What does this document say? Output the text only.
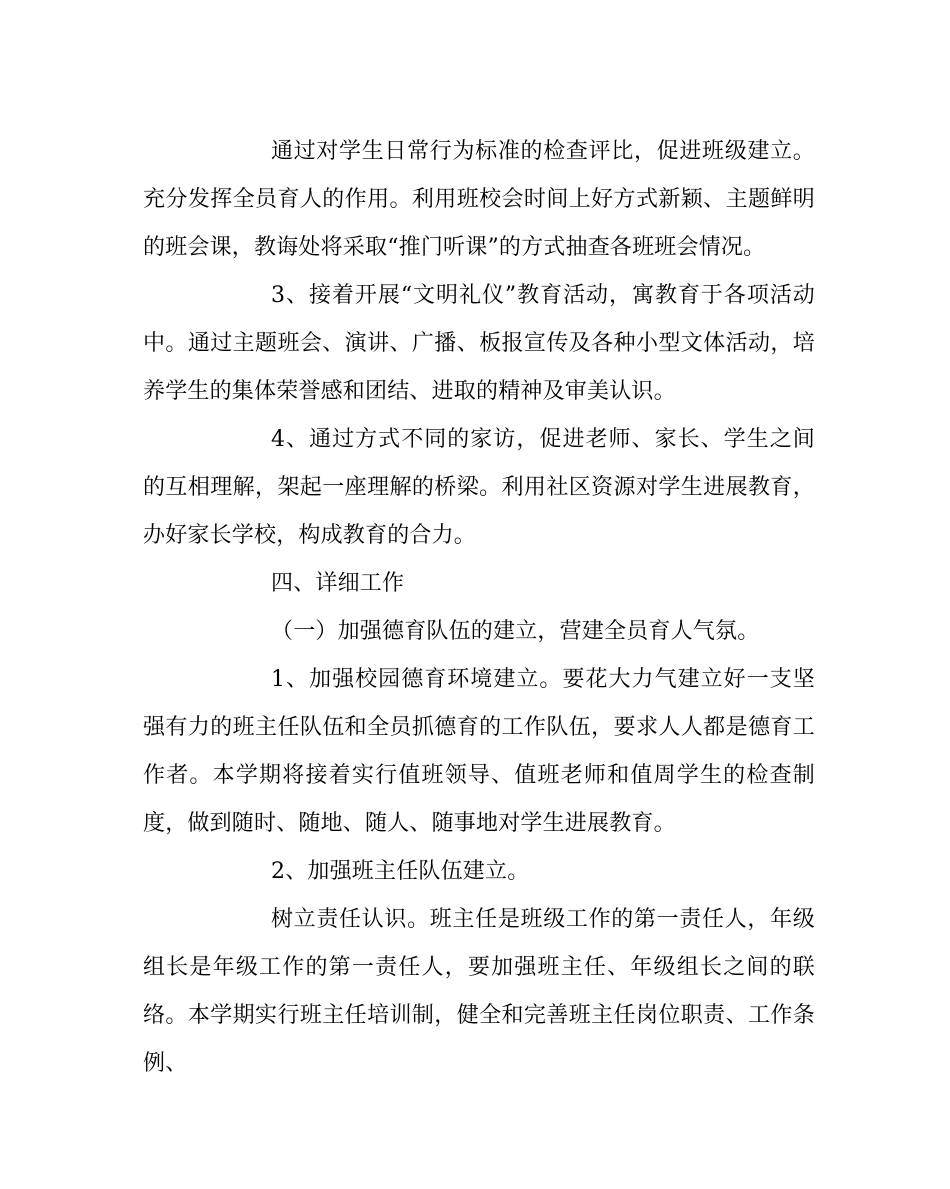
通过对学生日常行为标准的检查评比，促进班级建立。充分发挥全员育人的作用。利用班校会时间上好方式新颖、主题鲜明的班会课，教诲处将采取“推门听课”的方式抽查各班班会情况。

3、接着开展“文明礼仪”教育活动，寓教育于各项活动中。通过主题班会、演讲、广播、板报宣传及各种小型文体活动，培养学生的集体荣誉感和团结、进取的精神及审美认识。

4、通过方式不同的家访，促进老师、家长、学生之间的互相理解，架起一座理解的桥梁。利用社区资源对学生进展教育，办好家长学校，构成教育的合力。

四、详细工作

（一）加强德育队伍的建立，营建全员育人气氛。

1、加强校园德育环境建立。要花大力气建立好一支坚强有力的班主任队伍和全员抓德育的工作队伍，要求人人都是德育工作者。本学期将接着实行值班领导、值班老师和值周学生的检查制度，做到随时、随地、随人、随事地对学生进展教育。

2、加强班主任队伍建立。

树立责任认识。班主任是班级工作的第一责任人，年级组长是年级工作的第一责任人，要加强班主任、年级组长之间的联络。本学期实行班主任培训制，健全和完善班主任岗位职责、工作条例、
